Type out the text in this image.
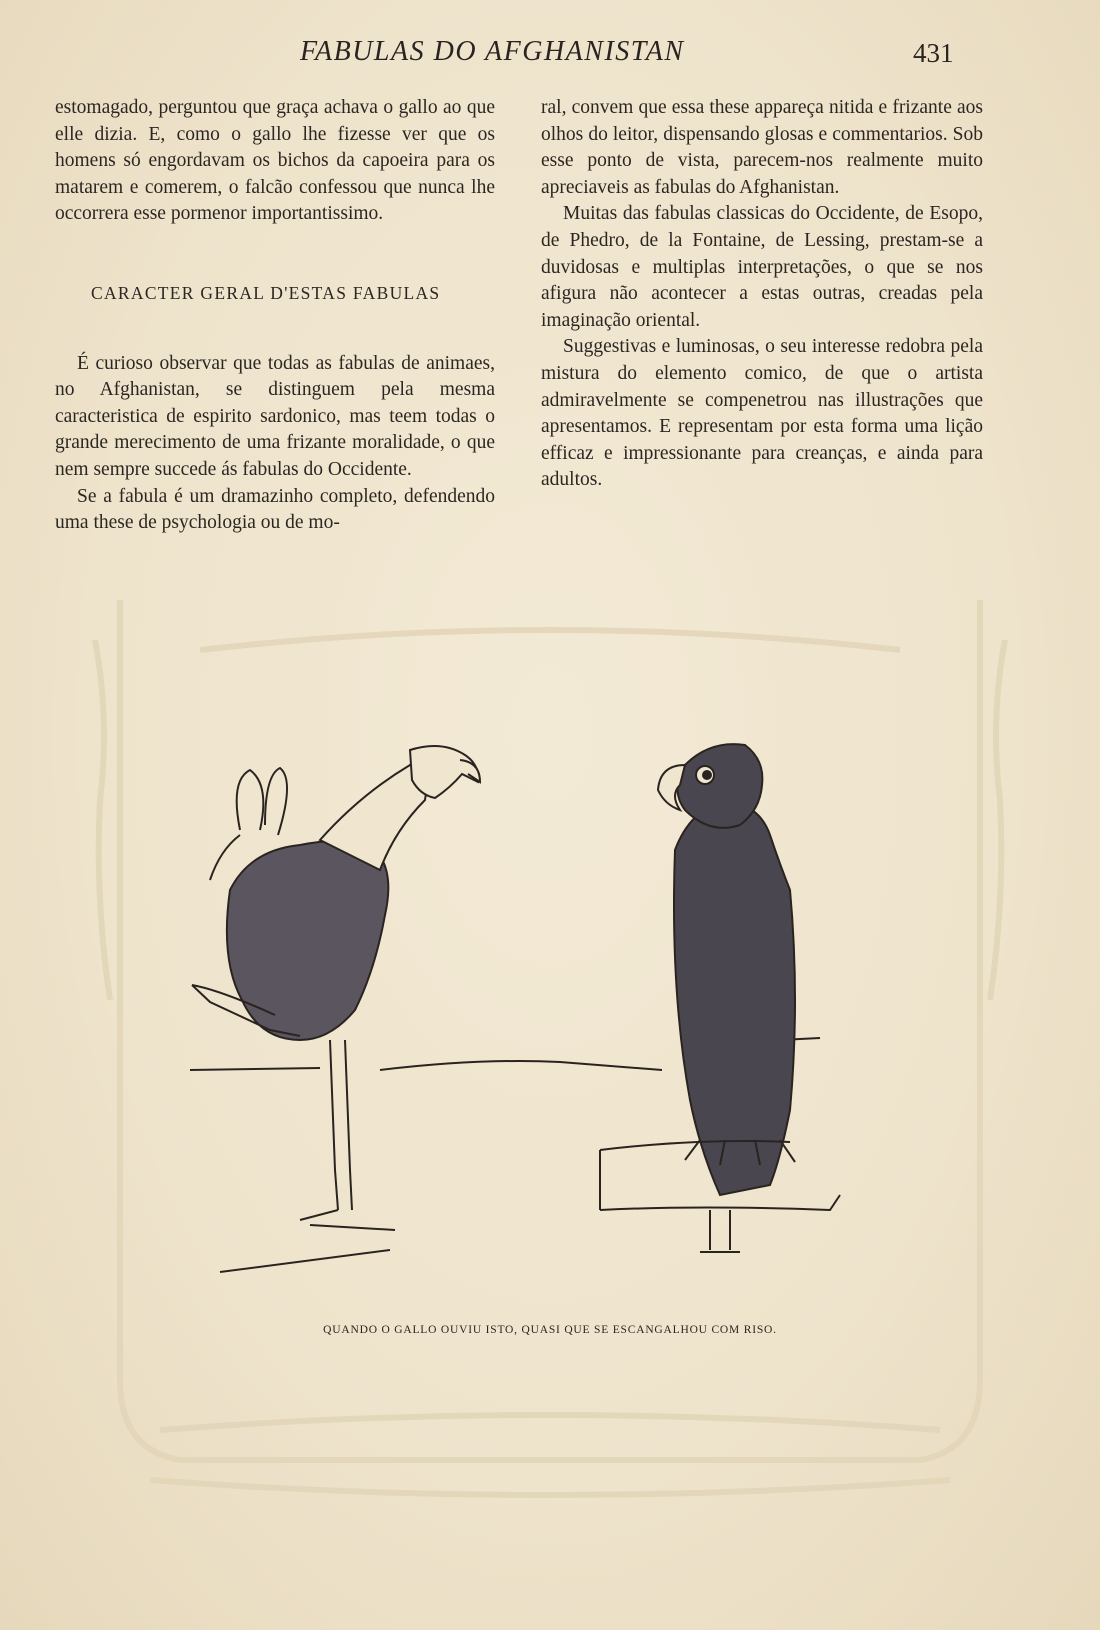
FABULAS DO AFGHANISTAN	431

estomagado, perguntou que graça achava o gallo ao que elle dizia. E, como o gallo lhe fizesse ver que os homens só engordavam os bichos da capoeira para os matarem e comerem, o falcão confessou que nunca lhe occorrera esse pormenor importantissimo.

CARACTER GERAL D'ESTAS FABULAS

É curioso observar que todas as fabulas de animaes, no Afghanistan, se distinguem pela mesma caracteristica de espirito sardonico, mas teem todas o grande merecimento de uma frizante moralidade, o que nem sempre succede ás fabulas do Occidente.

Se a fabula é um dramazinho completo, defendendo uma these de psychologia ou de mo-

ral, convem que essa these appareça nitida e frizante aos olhos do leitor, dispensando glosas e commentarios. Sob esse ponto de vista, parecem-nos realmente muito apreciaveis as fabulas do Afghanistan.

Muitas das fabulas classicas do Occidente, de Esopo, de Phedro, de la Fontaine, de Lessing, prestam-se a duvidosas e multiplas interpretações, o que se nos afigura não acontecer a estas outras, creadas pela imaginação oriental.

Suggestivas e luminosas, o seu interesse redobra pela mistura do elemento comico, de que o artista admiravelmente se compenetrou nas illustrações que apresentamos. E representam por esta forma uma lição efficaz e impressionante para creanças, e ainda para adultos.

QUANDO O GALLO OUVIU ISTO, QUASI QUE SE ESCANGALHOU COM RISO.
